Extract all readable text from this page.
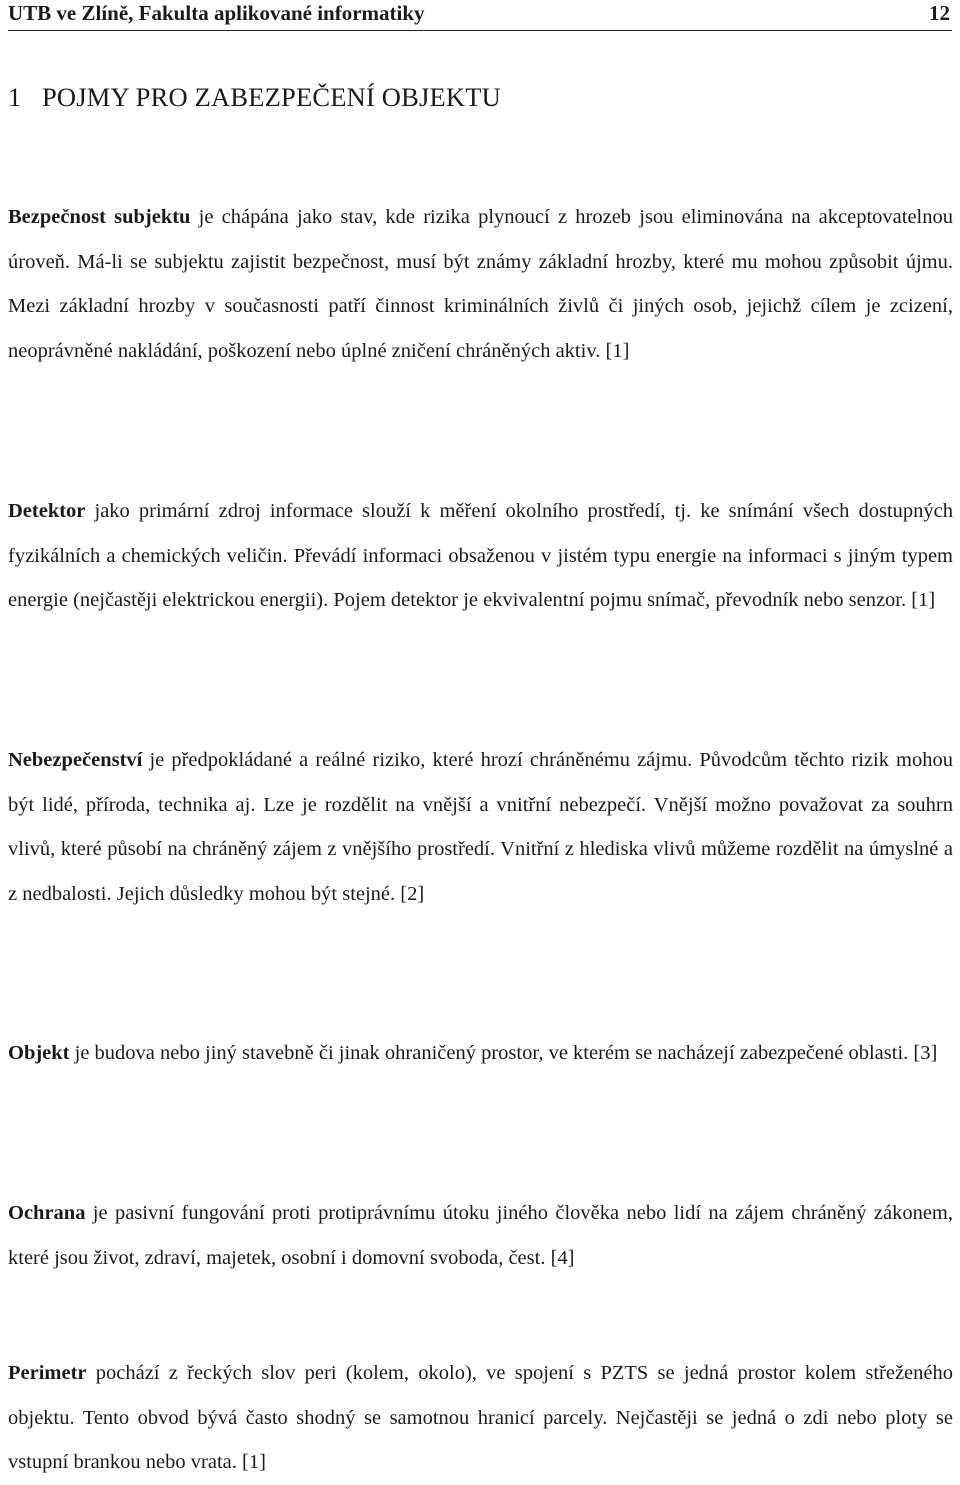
UTB ve Zlíně, Fakulta aplikované informatiky	12
1 POJMY PRO ZABEZPEČENÍ OBJEKTU

Bezpečnost subjektu je chápána jako stav, kde rizika plynoucí z hrozeb jsou eliminována na akceptovatelnou úroveň. Má-li se subjektu zajistit bezpečnost, musí být známy základní hrozby, které mu mohou způsobit újmu. Mezi základní hrozby v současnosti patří činnost kriminálních živlů či jiných osob, jejichž cílem je zcizení, neoprávněné nakládání, poškození nebo úplné zničení chráněných aktiv. [1]

Detektor jako primární zdroj informace slouží k měření okolního prostředí, tj. ke snímání všech dostupných fyzikálních a chemických veličin. Převádí informaci obsaženou v jistém typu energie na informaci s jiným typem energie (nejčastěji elektrickou energii). Pojem detektor je ekvivalentní pojmu snímač, převodník nebo senzor. [1]

Nebezpečenství je předpokládané a reálné riziko, které hrozí chráněnému zájmu. Původcům těchto rizik mohou být lidé, příroda, technika aj. Lze je rozdělit na vnější a vnitřní nebezpečí. Vnější možno považovat za souhrn vlivů, které působí na chráněný zájem z vnějšího prostředí. Vnitřní z hlediska vlivů můžeme rozdělit na úmyslné a z nedbalosti. Jejich důsledky mohou být stejné. [2]

Objekt je budova nebo jiný stavebně či jinak ohraničený prostor, ve kterém se nacházejí zabezpečené oblasti. [3]

Ochrana je pasivní fungování proti protiprávnímu útoku jiného člověka nebo lidí na zájem chráněný zákonem, které jsou život, zdraví, majetek, osobní i domovní svoboda, čest. [4]

Perimetr pochází z řeckých slov peri (kolem, okolo), ve spojení s PZTS se jedná prostor kolem střeženého objektu. Tento obvod bývá často shodný se samotnou hranicí parcely. Nejčastěji se jedná o zdi nebo ploty se vstupní brankou nebo vrata. [1]
